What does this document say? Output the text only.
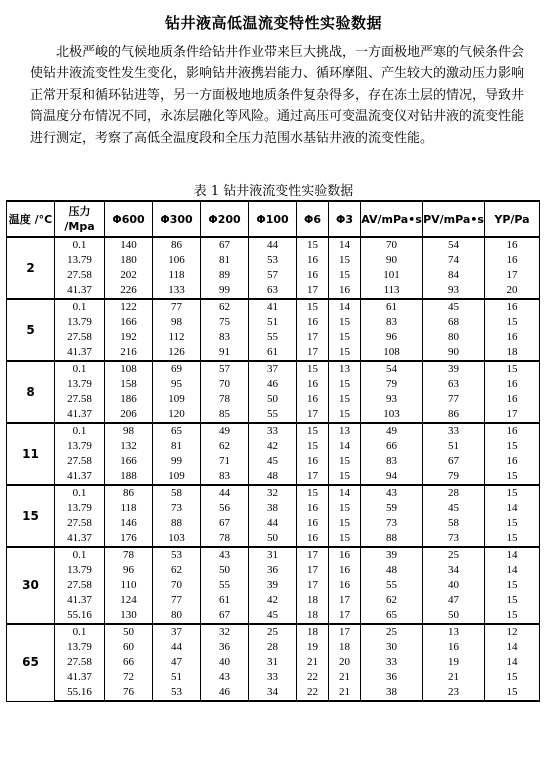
钻井液高低温流变特性实验数据
北极严峻的气候地质条件给钻井作业带来巨大挑战，一方面极地严寒的气候条件会使钻井液流变性发生变化，影响钻井液携岩能力、循环摩阻、产生较大的激动压力影响正常开泵和循环钻进等，另一方面极地地质条件复杂得多，存在冻土层的情况，导致井筒温度分布情况不同，永冻层融化等风险。通过高压可变温流变仪对钻井液的流变性能进行测定，考察了高低全温度段和全压力范围水基钻井液的流变性能。
表 1 钻井液流变性实验数据
温度 /°C	压力 /Mpa	Φ600	Φ300	Φ200	Φ100	Φ6	Φ3	AV/mPa•s	PV/mPa•s	YP/Pa
2	0.1	140	86	67	44	15	14	70	54	16
	13.79	180	106	81	53	16	15	90	74	16
	27.58	202	118	89	57	16	15	101	84	17
	41.37	226	133	99	63	17	16	113	93	20
5	0.1	122	77	62	41	15	14	61	45	16
	13.79	166	98	75	51	16	15	83	68	15
	27.58	192	112	83	55	17	15	96	80	16
	41.37	216	126	91	61	17	15	108	90	18
8	0.1	108	69	57	37	15	13	54	39	15
	13.79	158	95	70	46	16	15	79	63	16
	27.58	186	109	78	50	16	15	93	77	16
	41.37	206	120	85	55	17	15	103	86	17
11	0.1	98	65	49	33	15	13	49	33	16
	13.79	132	81	62	42	15	14	66	51	15
	27.58	166	99	71	45	16	15	83	67	16
	41.37	188	109	83	48	17	15	94	79	15
15	0.1	86	58	44	32	15	14	43	28	15
	13.79	118	73	56	38	16	15	59	45	14
	27.58	146	88	67	44	16	15	73	58	15
	41.37	176	103	78	50	16	15	88	73	15
30	0.1	78	53	43	31	17	16	39	25	14
	13.79	96	62	50	36	17	16	48	34	14
	27.58	110	70	55	39	17	16	55	40	15
	41.37	124	77	61	42	18	17	62	47	15
	55.16	130	80	67	45	18	17	65	50	15
65	0.1	50	37	32	25	18	17	25	13	12
	13.79	60	44	36	28	19	18	30	16	14
	27.58	66	47	40	31	21	20	33	19	14
	41.37	72	51	43	33	22	21	36	21	15
	55.16	76	53	46	34	22	21	38	23	15
